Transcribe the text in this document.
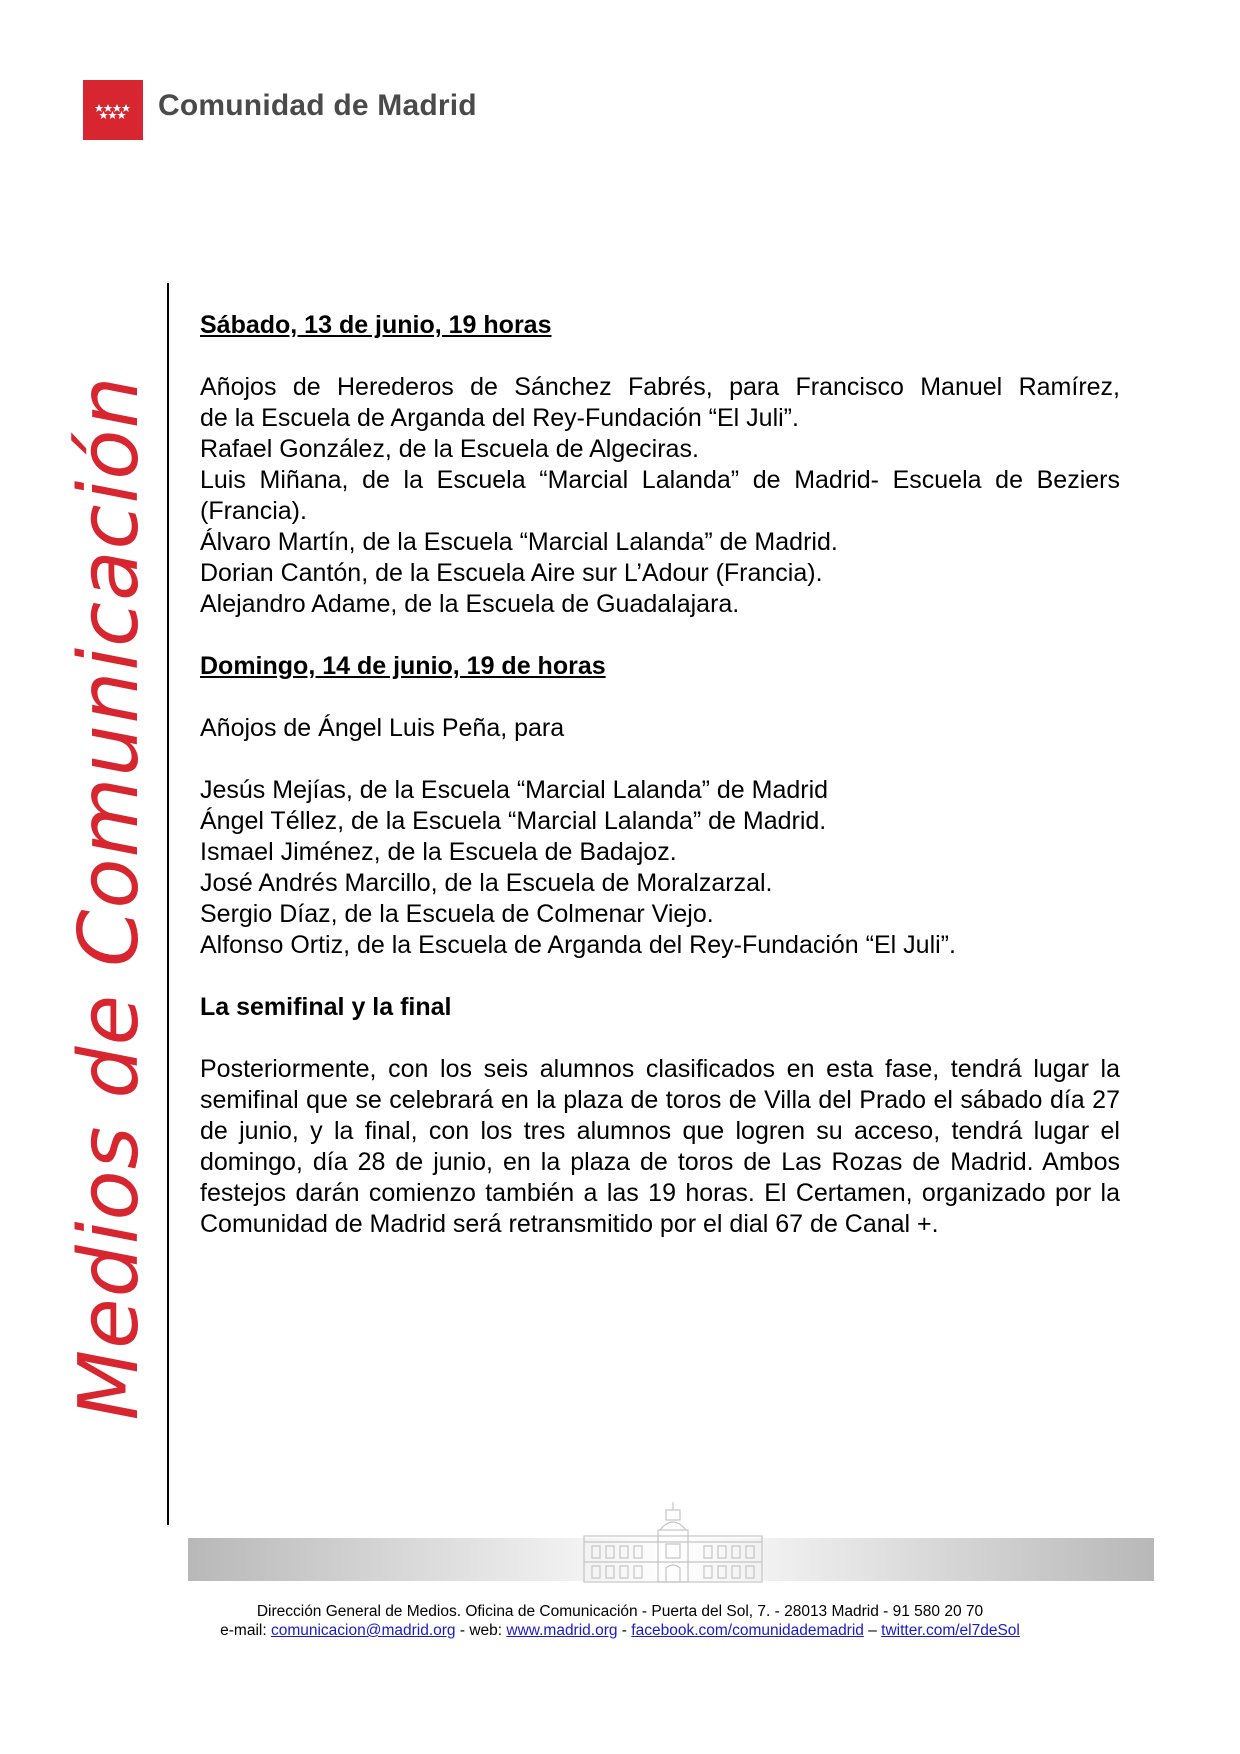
Comunidad de Madrid
Medios de Comunicación

Sábado, 13 de junio, 19 horas

Añojos de Herederos de Sánchez Fabrés, para Francisco Manuel Ramírez,

de la Escuela de Arganda del Rey-Fundación “El Juli”.

Rafael González, de la Escuela de Algeciras.

Luis Miñana, de la Escuela “Marcial Lalanda” de Madrid- Escuela de Beziers

(Francia).

Álvaro Martín, de la Escuela “Marcial Lalanda” de Madrid.

Dorian Cantón, de la Escuela Aire sur L’Adour (Francia).

Alejandro Adame, de la Escuela de Guadalajara.

Domingo, 14 de junio, 19 de horas

Añojos de Ángel Luis Peña, para

Jesús Mejías, de la Escuela “Marcial Lalanda” de Madrid

Ángel Téllez, de la Escuela “Marcial Lalanda” de Madrid.

Ismael Jiménez, de la Escuela de Badajoz.

José Andrés Marcillo, de la Escuela de Moralzarzal.

Sergio Díaz, de la Escuela de Colmenar Viejo.

Alfonso Ortiz, de la Escuela de Arganda del Rey-Fundación “El Juli”.

La semifinal y la final

Posteriormente, con los seis alumnos clasificados en esta fase, tendrá lugar la semifinal que se celebrará en la plaza de toros de Villa del Prado el sábado día 27 de junio, y la final, con los tres alumnos que logren su acceso, tendrá lugar el domingo, día 28 de junio, en la plaza de toros de Las Rozas de Madrid. Ambos festejos darán comienzo también a las 19 horas. El Certamen, organizado por la Comunidad de Madrid será retransmitido por el dial 67 de Canal +.

Dirección General de Medios. Oficina de Comunicación - Puerta del Sol, 7. - 28013 Madrid - 91 580 20 70
e-mail: comunicacion@madrid.org - web: www.madrid.org - facebook.com/comunidademadrid – twitter.com/el7deSol
